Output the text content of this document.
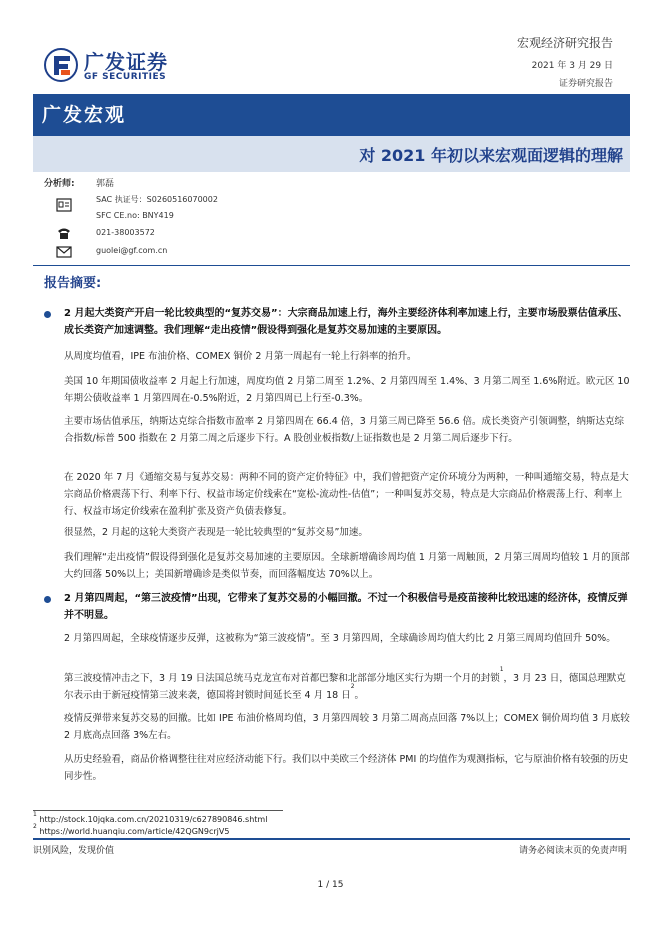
广发证券
GF SECURITIES
宏观经济研究报告
2021 年 3 月 29 日
证券研究报告
广发宏观
对 2021 年初以来宏观面逻辑的理解
分析师: 郭磊
SAC 执证号：S0260516070002
SFC CE.no: BNY419
021-38003572
guolei@gf.com.cn
报告摘要:
2 月起大类资产开启一轮比较典型的“复苏交易”：大宗商品加速上行，海外主要经济体利率加速上行，主要市场股票估值承压、成长类资产加速调整。我们理解“走出疫情”假设得到强化是复苏交易加速的主要原因。
从周度均值看，IPE 布油价格、COMEX 铜价 2 月第一周起有一轮上行斜率的抬升。
美国 10 年期国债收益率 2 月起上行加速，周度均值 2 月第二周至 1.2%、2 月第四周至 1.4%、3 月第二周至 1.6%附近。欧元区 10 年期公债收益率 1 月第四周在-0.5%附近，2 月第四周已上行至-0.3%。
主要市场估值承压，纳斯达克综合指数市盈率 2 月第四周在 66.4 倍，3 月第三周已降至 56.6 倍。成长类资产引领调整，纳斯达克综合指数/标普 500 指数在 2 月第二周之后逐步下行。A 股创业板指数/上证指数也是 2 月第二周后逐步下行。
在 2020 年 7 月《通缩交易与复苏交易：两种不同的资产定价特征》中，我们曾把资产定价环境分为两种，一种叫通缩交易，特点是大宗商品价格震荡下行、利率下行、权益市场定价线索在“宽松-流动性-估值”；一种叫复苏交易，特点是大宗商品价格震荡上行、利率上行、权益市场定价线索在盈利扩张及资产负债表修复。
很显然，2 月起的这轮大类资产表现是一轮比较典型的“复苏交易”加速。
我们理解“走出疫情”假设得到强化是复苏交易加速的主要原因。全球新增确诊周均值 1 月第一周触顶，2 月第三周周均值较 1 月的顶部大约回落 50%以上；美国新增确诊是类似节奏，而回落幅度达 70%以上。
2 月第四周起，“第三波疫情”出现，它带来了复苏交易的小幅回撤。不过一个积极信号是疫苗接种比较迅速的经济体，疫情反弹并不明显。
2 月第四周起，全球疫情逐步反弹，这被称为“第三波疫情”。至 3 月第四周，全球确诊周均值大约比 2 月第三周周均值回升 50%。
第三波疫情冲击之下，3 月 19 日法国总统马克龙宣布对首都巴黎和北部部分地区实行为期一个月的封锁$^1$，3 月 23 日，德国总理默克尔表示由于新冠疫情第三波来袭，德国将封锁时间延长至 4 月 18 日$^2$。
疫情反弹带来复苏交易的回撤。比如 IPE 布油价格周均值，3 月第四周较 3 月第二周高点回落 7%以上；COMEX 铜价周均值 3 月底较 2 月底高点回落 3%左右。
从历史经验看，商品价格调整往往对应经济动能下行。我们以中美欧三个经济体 PMI 的均值作为观测指标，它与原油价格有较强的历史同步性。
$^1$ http://stock.10jqka.com.cn/20210319/c627890846.shtml
$^2$ https://world.huanqiu.com/article/42QGN9crjV5
识别风险，发现价值	请务必阅读末页的免责声明
1 / 15
